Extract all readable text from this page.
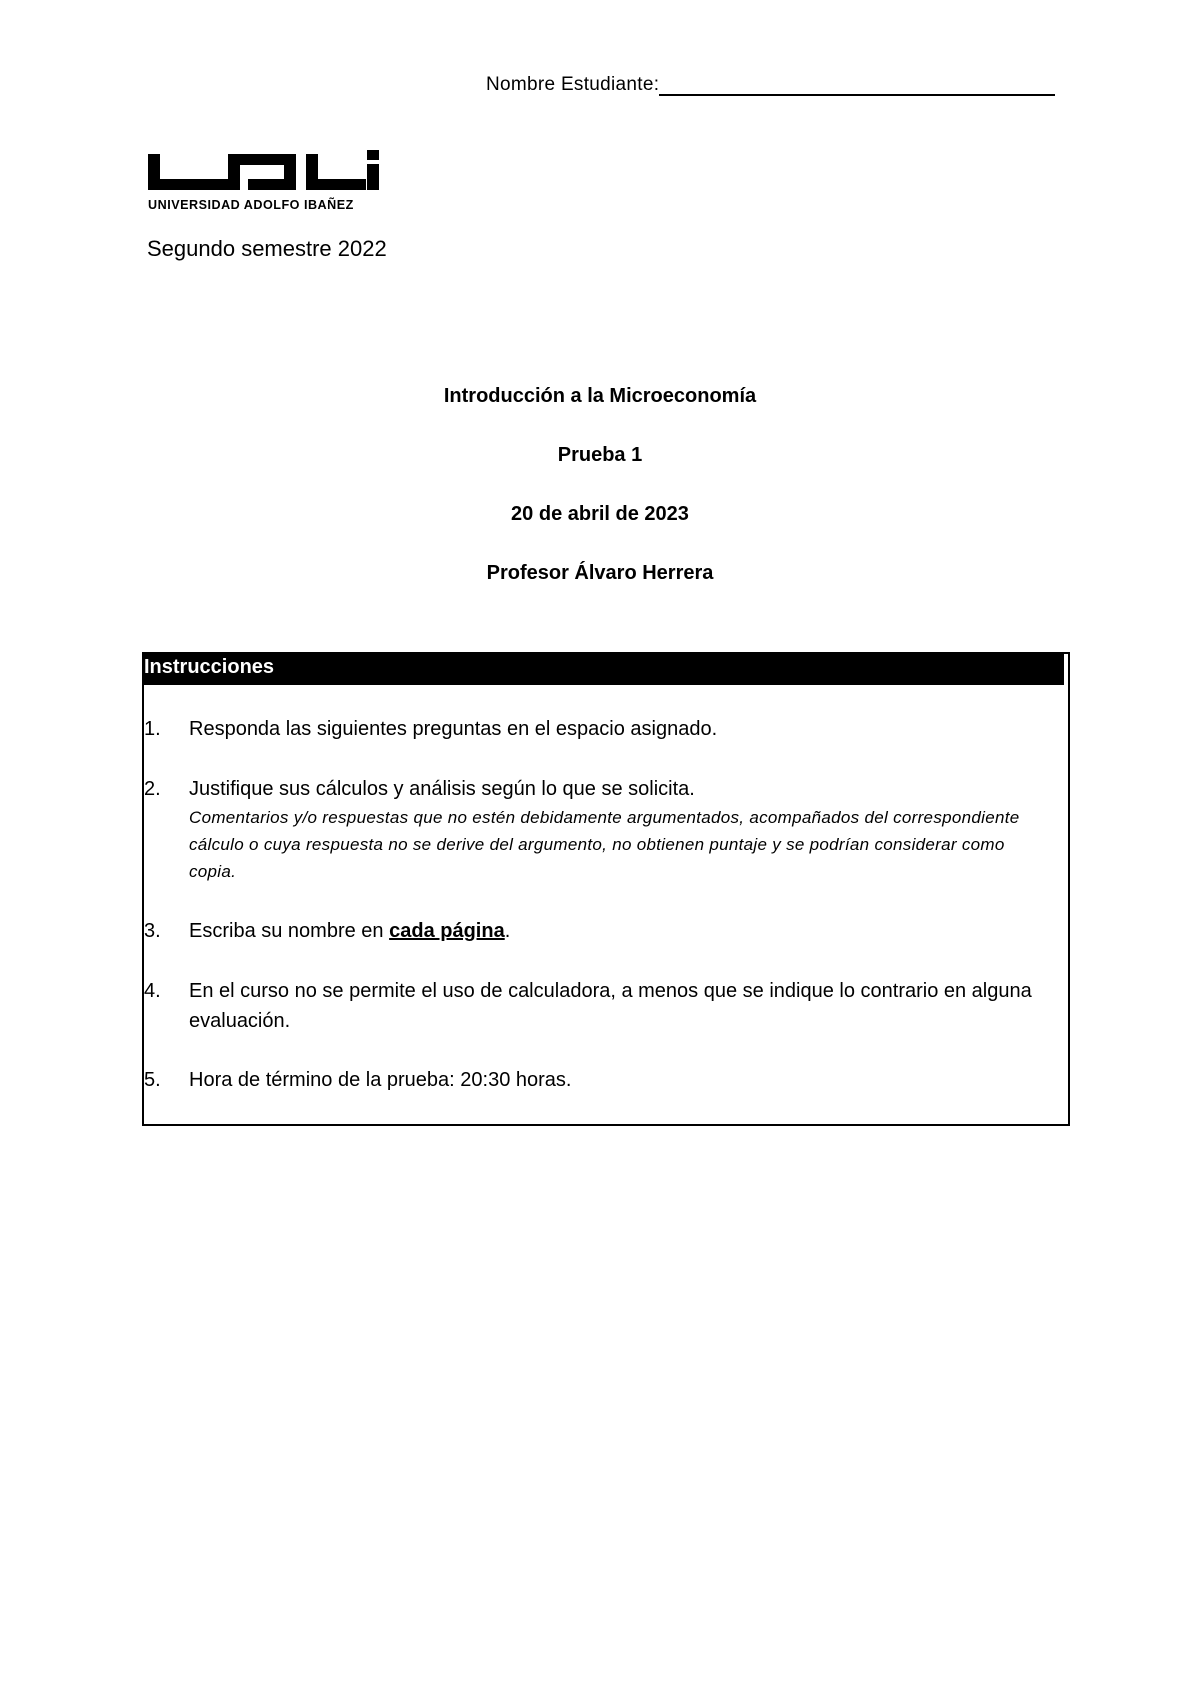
Nombre Estudiante:
UNIVERSIDAD ADOLFO IBAÑEZ
Segundo semestre 2022
Introducción a la Microeconomía
Prueba 1
20 de abril de 2023
Profesor Álvaro Herrera
Instrucciones
1. Responda las siguientes preguntas en el espacio asignado.
2. Justifique sus cálculos y análisis según lo que se solicita.
Comentarios y/o respuestas que no estén debidamente argumentados, acompañados del correspondiente cálculo o cuya respuesta no se derive del argumento, no obtienen puntaje y se podrían considerar como copia.
3. Escriba su nombre en cada página.
4. En el curso no se permite el uso de calculadora, a menos que se indique lo contrario en alguna evaluación.
5. Hora de término de la prueba: 20:30 horas.
